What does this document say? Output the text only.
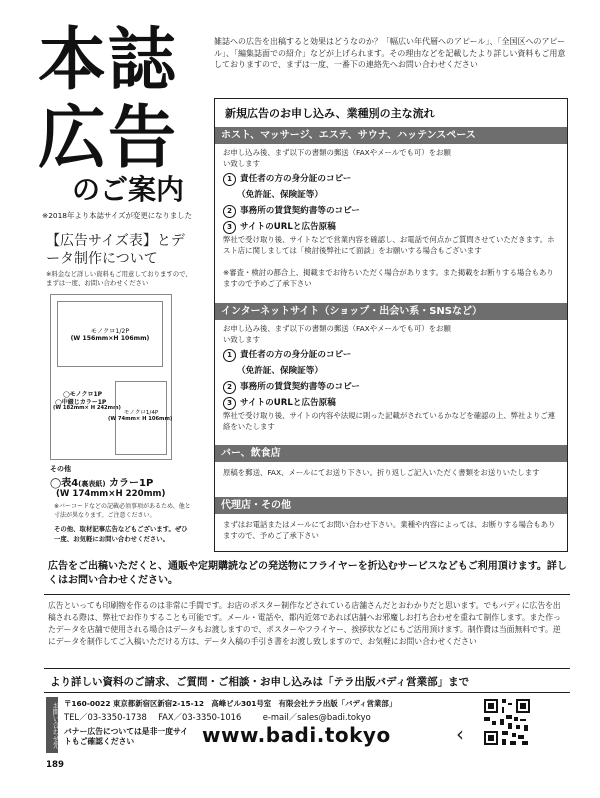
本誌
広告
のご案内
※2018年より本誌サイズが変更になりました
雑誌への広告を出稿すると効果はどうなのか？「幅広い年代層へのアピール」、「全国区へのアピール」、「編集誌面での紹介」などが上げられます。その理由などを記載したより詳しい資料もご用意しておりますので、まずは一度、一番下の連絡先へお問い合わせください
【広告サイズ表】とデータ制作について
※料金など詳しい資料もご用意しておりますので、まずは一度、お問い合わせください
モノクロ1/2P
(W 156mm×H 106mm)
◯モノクロ1P
◯中綴じカラー1P
(W 182mm× H 242mm)
モノクロ1/4P
(W 74mm× H 106mm)
その他
◯表4(裏表紙) カラー1P
(W 174mm×H 220mm)
※バーコードなどの記載必須事項があるため、他と寸法が異なります。ご注意ください。
その他、取材記事広告などもございます。ぜひ一度、お気軽にお問い合わせください。
新規広告のお申し込み、業種別の主な流れ
ホスト、マッサージ、エステ、サウナ、ハッテンスペース
お申し込み後、まず以下の書類の郵送（FAXやメールでも可）をお願い致します
1 責任者の方の身分証のコピー
（免許証、保険証等）
2 事務所の賃貸契約書等のコピー
3 サイトのURLと広告原稿
弊社で受け取り後、サイトなどで営業内容を確認し、お電話で何点かご質問させていただきます。ホスト店に関しましては「検討後弊社にて面談」をお願いする場合もございます
※審査・検討の都合上、掲載までお待ちいただく場合があります。また掲載をお断りする場合もありますので予めご了承下さい
インターネットサイト（ショップ・出会い系・SNSなど）
お申し込み後、まず以下の書類の郵送（FAXやメールでも可）をお願い致します
1 責任者の方の身分証のコピー
（免許証、保険証等）
2 事務所の賃貸契約書等のコピー
3 サイトのURLと広告原稿
弊社で受け取り後、サイトの内容や法規に則った記載がされているかなどを確認の上、弊社よりご連絡をいたします
バー、飲食店
原稿を郵送、FAX、メールにてお送り下さい。折り返しご記入いただく書類をお送りいたします
代理店・その他
まずはお電話またはメールにてお問い合わせ下さい。業種や内容によっては、お断りする場合もありますので、予めご了承下さい
広告をご出稿いただくと、通販や定期購読などの発送物にフライヤーを折込むサービスなどもご利用頂けます。詳しくはお問い合わせください。
広告といっても印刷物を作るのは非常に手間です。お店のポスター制作などされている店舗さんだとおわかりだと思います。でもバディに広告を出稿される際は、弊社でお作りすることも可能です。メール・電話や、都内近郊であれば店舗へお邪魔しお打ち合わせを重ねて制作します。また作ったデータを店舗で使用される場合はデータもお渡しますので、ポスターやフライヤー、挨拶状などにもご活用頂けます。制作費は当面無料です。逆にデータを制作してご入稿いただける方は、データ入稿の手引き書をお渡し致しますので、お気軽にお問い合わせください
より詳しい資料のご請求、ご質問・ご相談・お申し込みは「テラ出版バディ営業部」まで
お問い合わせ先 〒160-0022 東京都新宿区新宿2-15-12　高峰ビル301号室　有限会社テラ出版「バディ営業部」
TEL／03-3350-1738 FAX／03-3350-1016	e-mail／sales@badi.tokyo
バナー広告については是非一度サイトもご確認ください	www.badi.tokyo	‹
189
